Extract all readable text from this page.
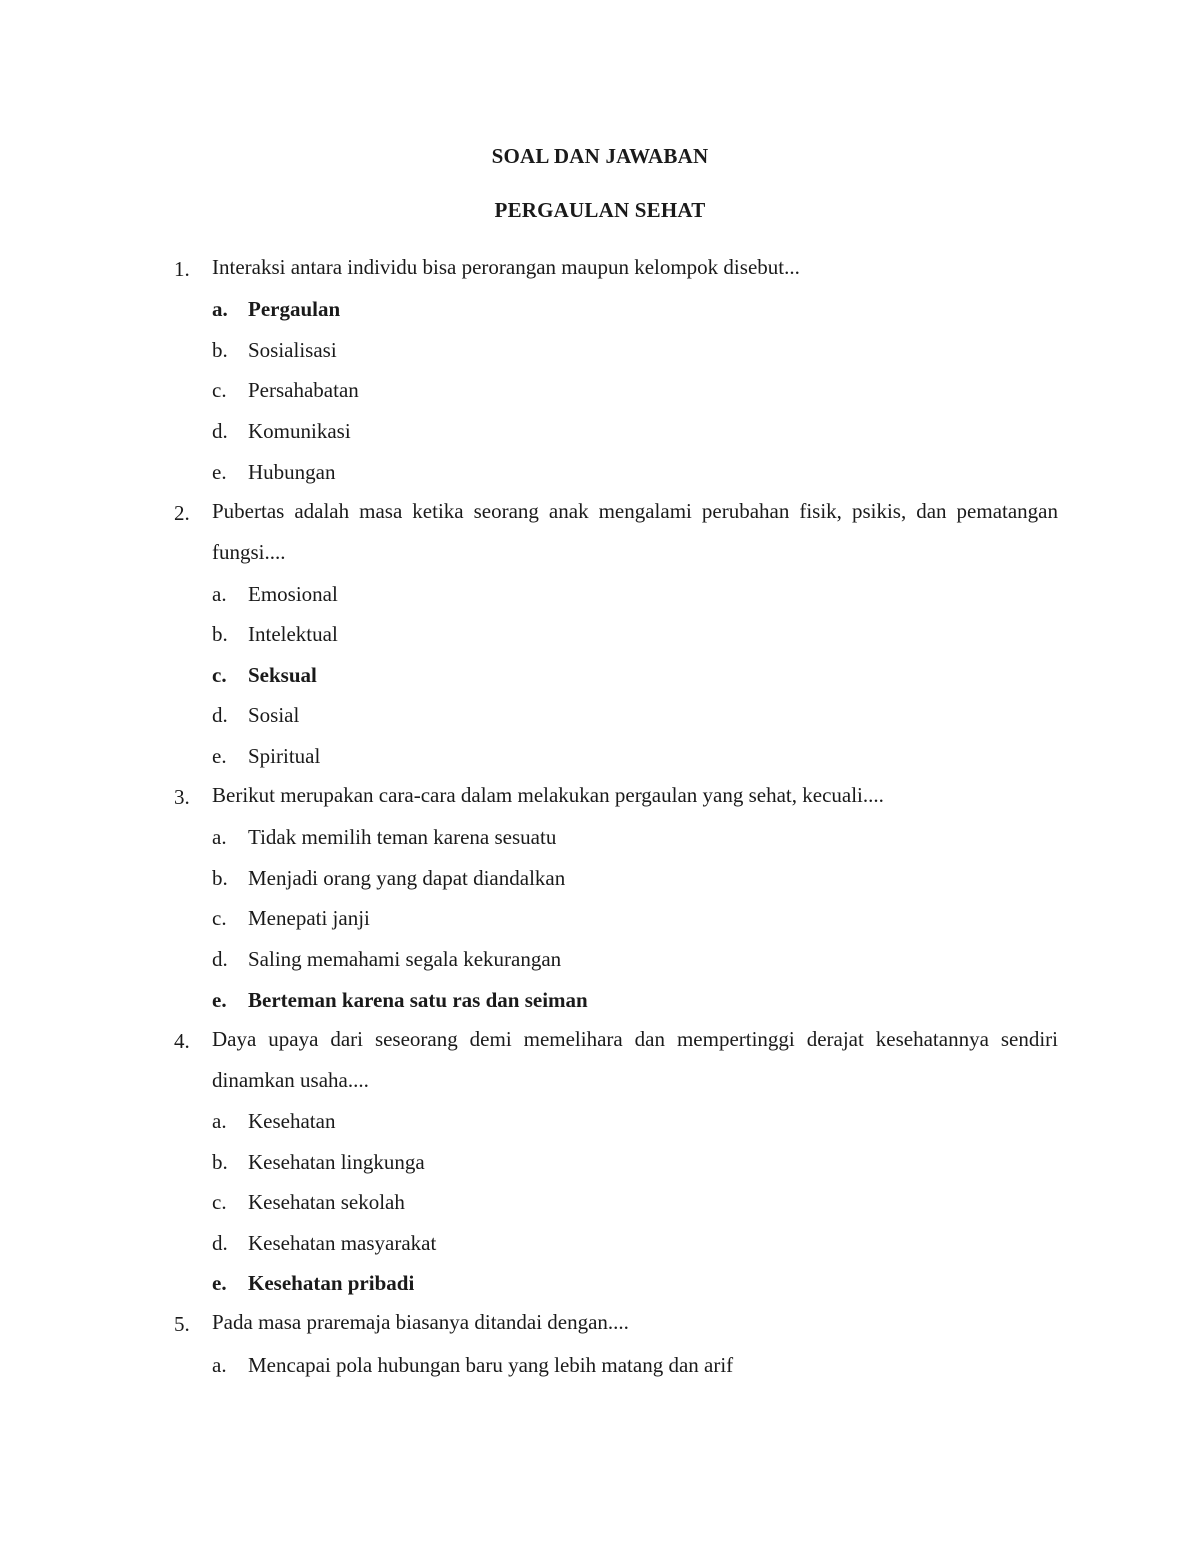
SOAL DAN JAWABAN
PERGAULAN SEHAT
1. Interaksi antara individu bisa perorangan maupun kelompok disebut...
a. Pergaulan
b. Sosialisasi
c. Persahabatan
d. Komunikasi
e. Hubungan
2. Pubertas adalah masa ketika seorang anak mengalami perubahan fisik, psikis, dan pematangan fungsi....
a. Emosional
b. Intelektual
c. Seksual
d. Sosial
e. Spiritual
3. Berikut merupakan cara-cara dalam melakukan pergaulan yang sehat, kecuali....
a. Tidak memilih teman karena sesuatu
b. Menjadi orang yang dapat diandalkan
c. Menepati janji
d. Saling memahami segala kekurangan
e. Berteman karena satu ras dan seiman
4. Daya upaya dari seseorang demi memelihara dan mempertinggi derajat kesehatannya sendiri dinamkan usaha....
a. Kesehatan
b. Kesehatan lingkunga
c. Kesehatan sekolah
d. Kesehatan masyarakat
e. Kesehatan pribadi
5. Pada masa praremaja biasanya ditandai dengan....
a. Mencapai pola hubungan baru yang lebih matang dan arif
